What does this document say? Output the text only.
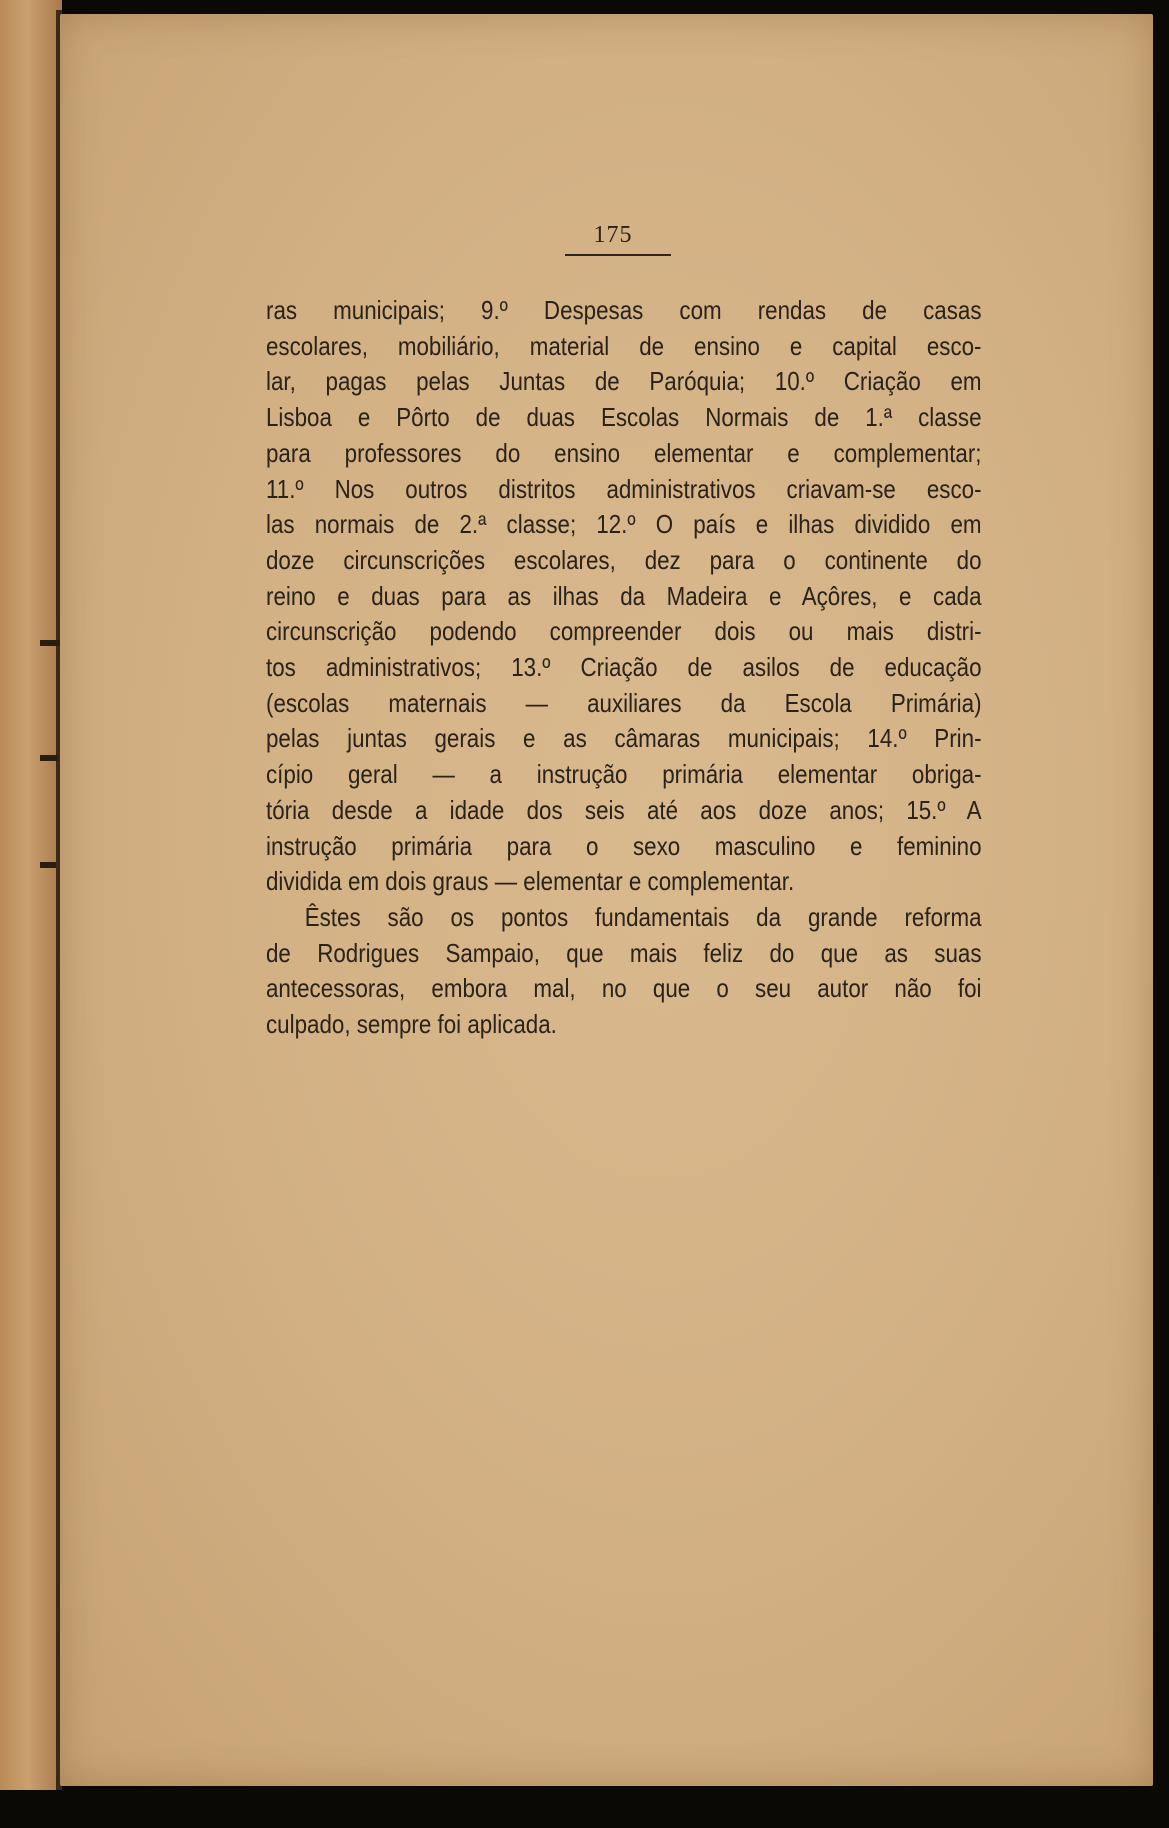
175
ras municipais; 9.º Despesas com rendas de casas
escolares, mobiliário, material de ensino e capital esco-
lar, pagas pelas Juntas de Paróquia; 10.º Criação em
Lisboa e Pôrto de duas Escolas Normais de 1.ª classe
para professores do ensino elementar e complementar;
11.º Nos outros distritos administrativos criavam-se esco-
las normais de 2.ª classe; 12.º O país e ilhas dividido em
doze circunscrições escolares, dez para o continente do
reino e duas para as ilhas da Madeira e Açôres, e cada
circunscrição podendo compreender dois ou mais distri-
tos administrativos; 13.º Criação de asilos de educação
(escolas maternais — auxiliares da Escola Primária)
pelas juntas gerais e as câmaras municipais; 14.º Prin-
cípio geral — a instrução primária elementar obriga-
tória desde a idade dos seis até aos doze anos; 15.º A
instrução primária para o sexo masculino e feminino
dividida em dois graus — elementar e complementar.
Êstes são os pontos fundamentais da grande reforma
de Rodrigues Sampaio, que mais feliz do que as suas
antecessoras, embora mal, no que o seu autor não foi
culpado, sempre foi aplicada.
